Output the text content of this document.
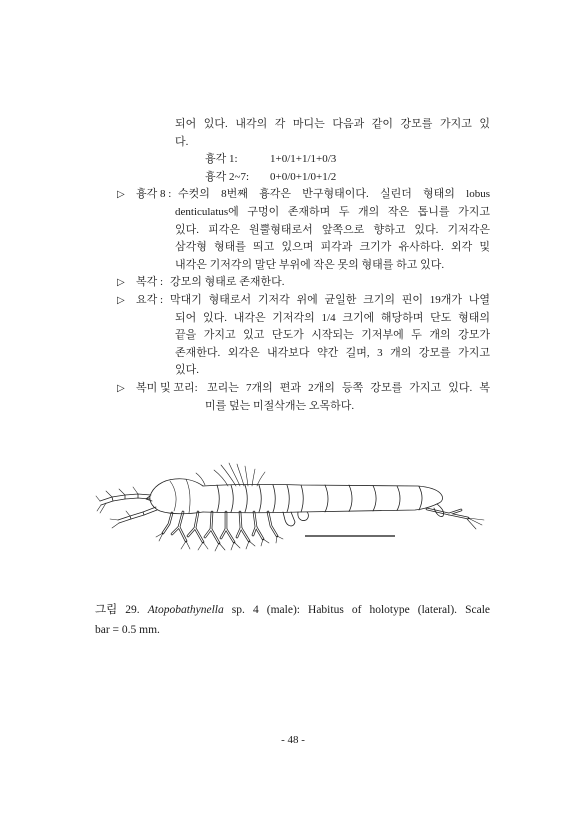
되어 있다. 내각의 각 마디는 다음과 같이 강모를 가지고 있
다.
흉각 1:	1+0/1+1/1+0/3
흉각 2~7: 0+0/0+1/0+1/2
▷ 흉각 8 : 수컷의 8번째 흉각은 반구형태이다. 실린더 형태의 lobus
denticulatus에 구멍이 존재하며 두 개의 작은 톱니를 가지고
있다. 피각은 원뿔형태로서 앞쪽으로 향하고 있다. 기저각은
삼각형 형태를 띄고 있으며 피각과 크기가 유사하다. 외각 및
내각은 기저각의 말단 부위에 작은 못의 형태를 하고 있다.
▷ 복각 : 강모의 형태로 존재한다.
▷ 요각 : 막대기 형태로서 기저각 위에 균일한 크기의 핀이 19개가 나열
되어 있다. 내각은 기저각의 1/4 크기에 해당하며 단도 형태의
끝을 가지고 있고 단도가 시작되는 기저부에 두 개의 강모가
존재한다. 외각은 내각보다 약간 길며, 3 개의 강모를 가지고
있다.
▷ 복미 및 꼬리: 꼬리는 7개의 편과 2개의 등쪽 강모를 가지고 있다. 복
미를 덮는 미절삭개는 오목하다.
그림 29. Atopobathynella sp. 4 (male): Habitus of holotype (lateral). Scale
bar = 0.5 mm.
- 48 -
